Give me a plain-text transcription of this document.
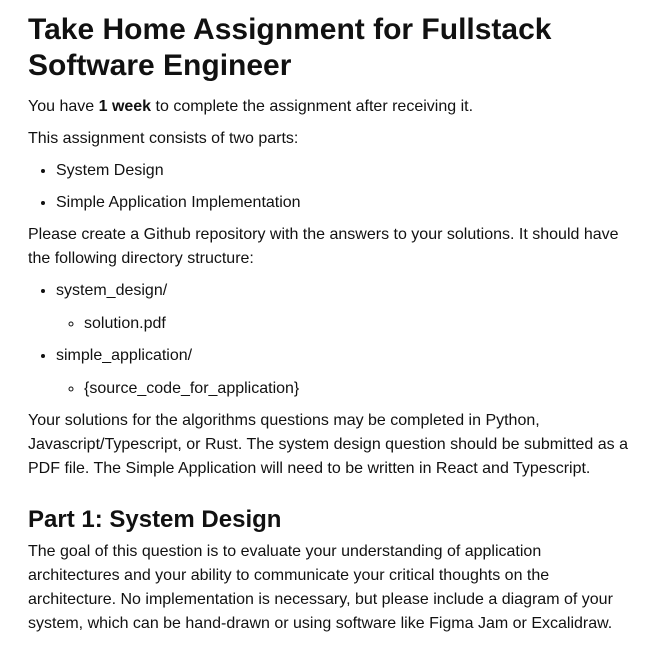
Take Home Assignment for Fullstack Software Engineer

You have 1 week to complete the assignment after receiving it.

This assignment consists of two parts:

• System Design
• Simple Application Implementation

Please create a Github repository with the answers to your solutions. It should have the following directory structure:

• system_design/
◦ solution.pdf
• simple_application/
◦ {source_code_for_application}

Your solutions for the algorithms questions may be completed in Python, Javascript/Typescript, or Rust. The system design question should be submitted as a PDF file. The Simple Application will need to be written in React and Typescript.

Part 1: System Design

The goal of this question is to evaluate your understanding of application architectures and your ability to communicate your critical thoughts on the architecture. No implementation is necessary, but please include a diagram of your system, which can be hand-drawn or using software like Figma Jam or Excalidraw.
